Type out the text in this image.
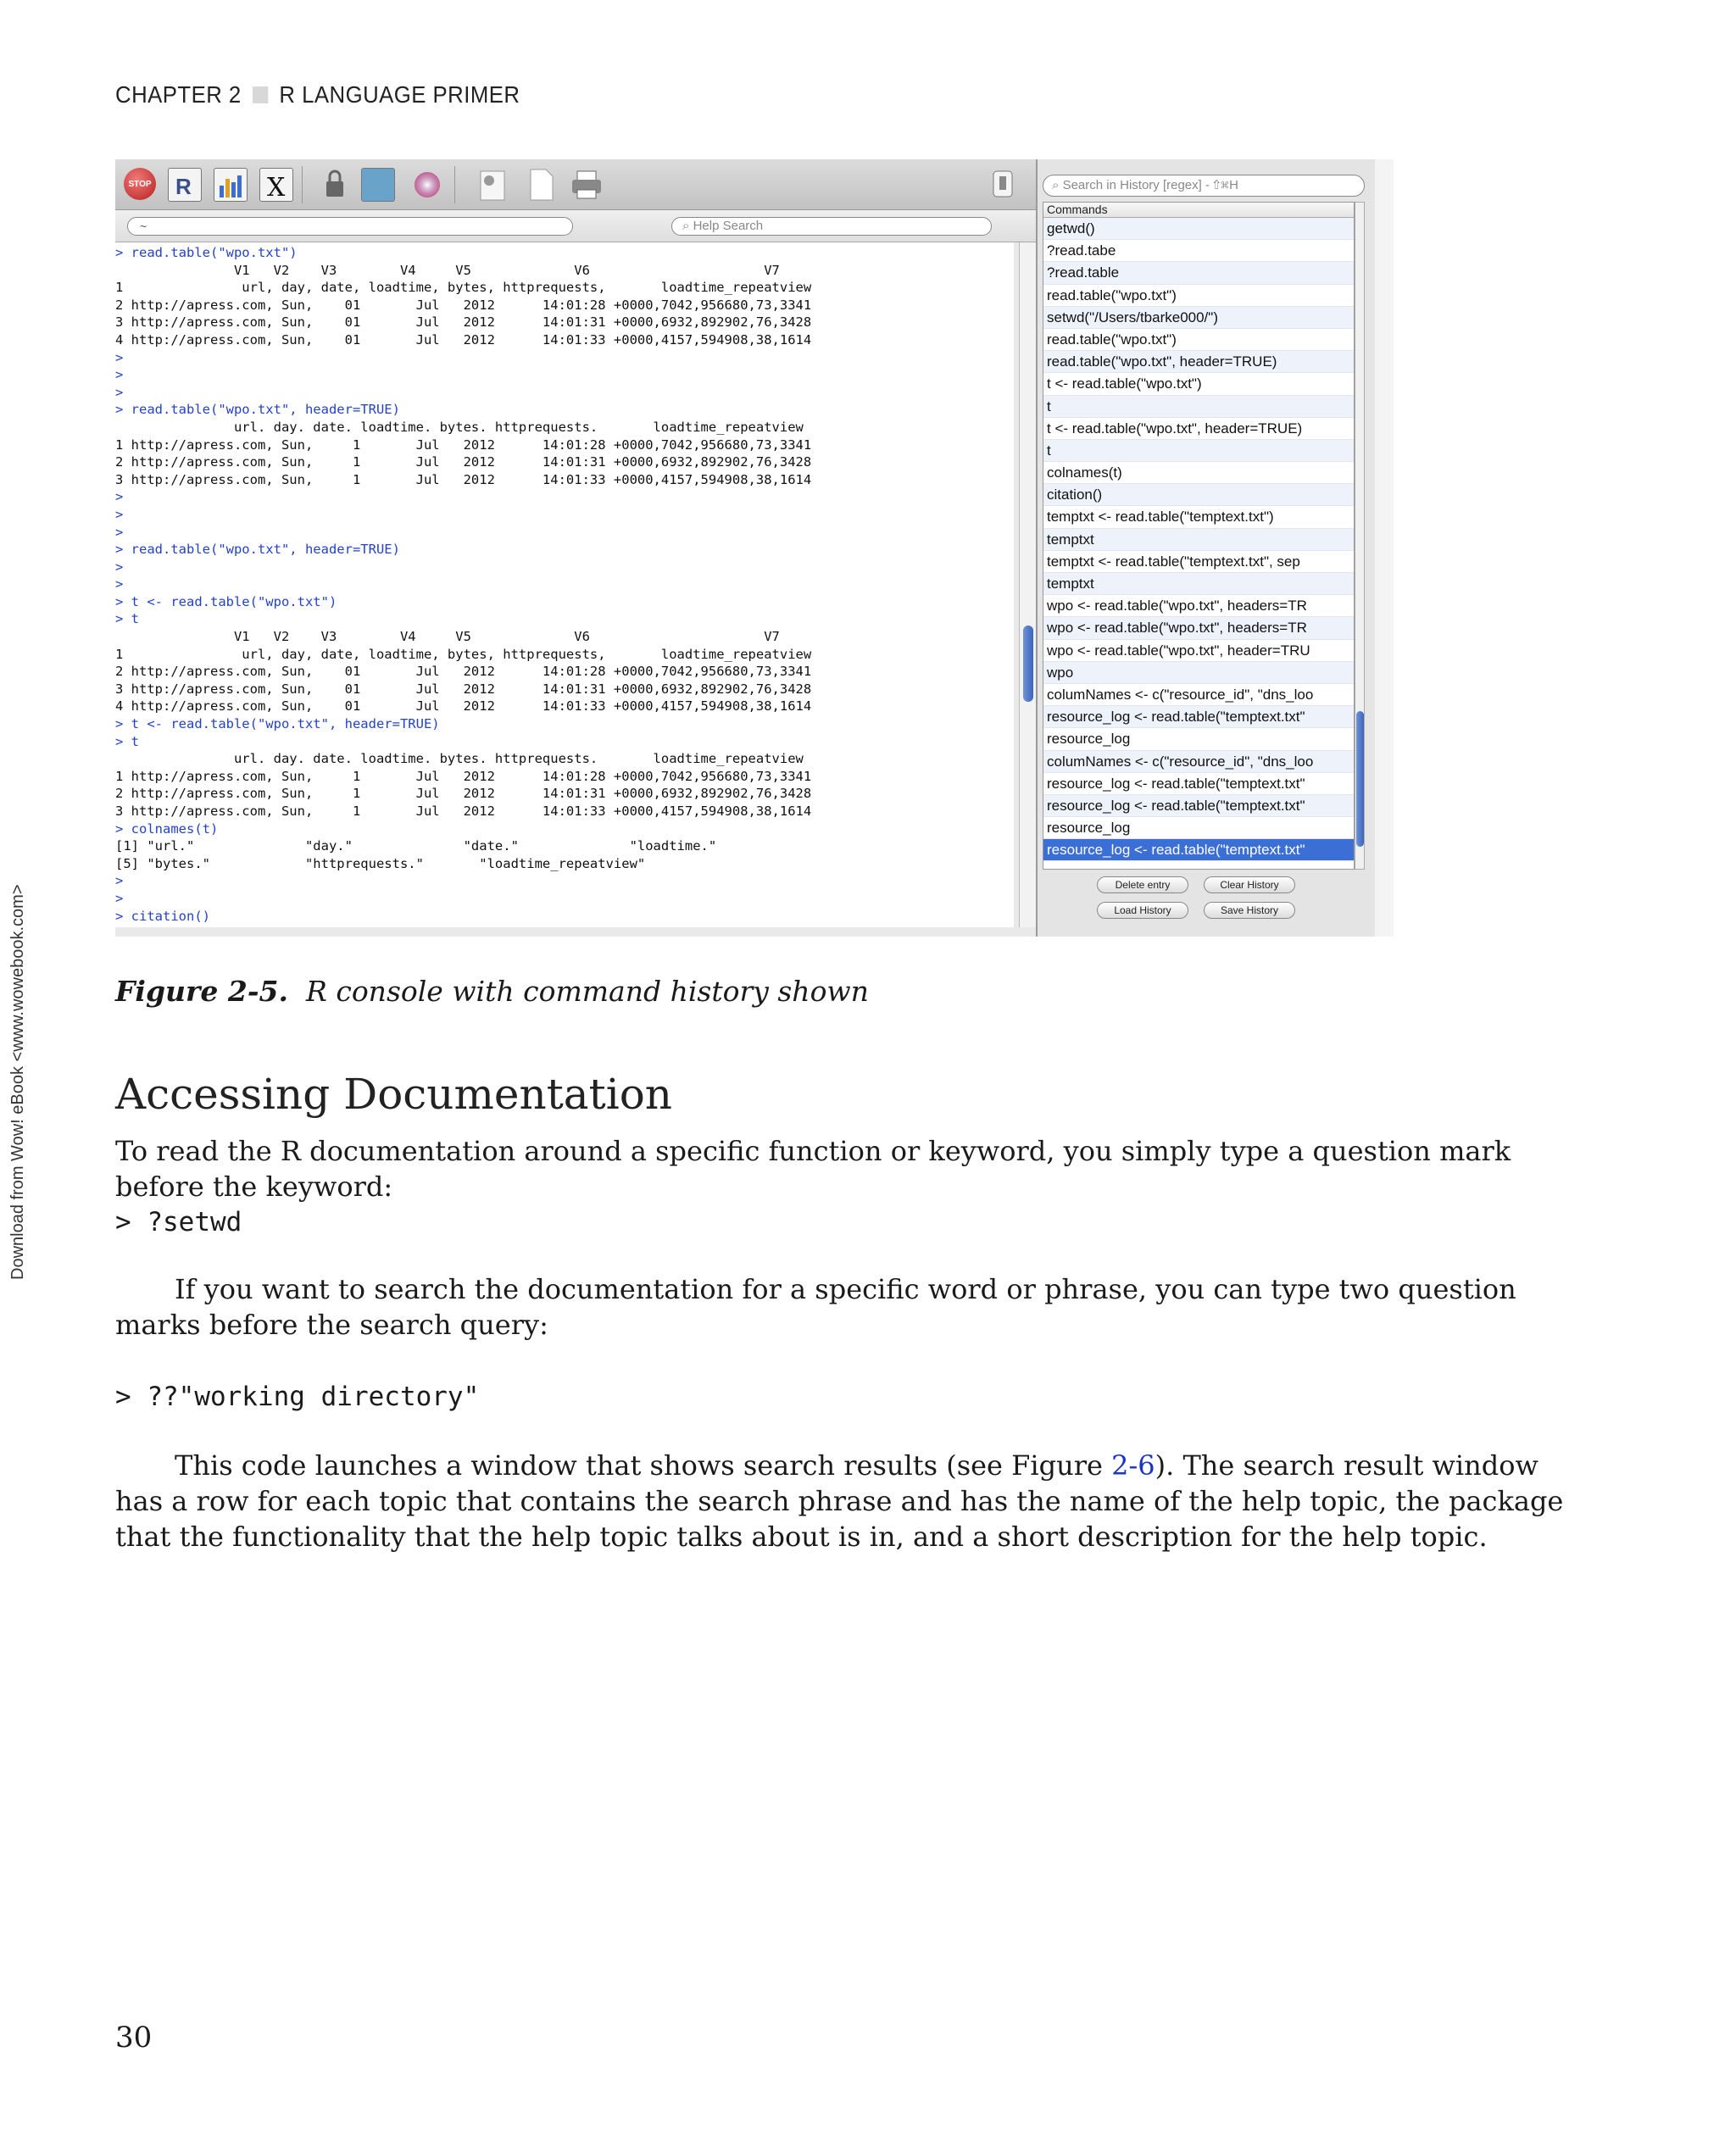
CHAPTER 2 R LANGUAGE PRIMER
Download from Wow! eBook <www.wowebook.com>
STOP R	X
~	⌕ Help Search
> read.table("wpo.txt")
V1   V2    V3        V4     V5             V6                      V7
1               url, day, date, loadtime, bytes, httprequests,       loadtime_repeatview
2 http://apress.com, Sun,    01       Jul   2012      14:01:28 +0000,7042,956680,73,3341
3 http://apress.com, Sun,    01       Jul   2012      14:01:31 +0000,6932,892902,76,3428
4 http://apress.com, Sun,    01       Jul   2012      14:01:33 +0000,4157,594908,38,1614
>
>
>
> read.table("wpo.txt", header=TRUE)
url. day. date. loadtime. bytes. httprequests.       loadtime_repeatview
1 http://apress.com, Sun,     1       Jul   2012      14:01:28 +0000,7042,956680,73,3341
2 http://apress.com, Sun,     1       Jul   2012      14:01:31 +0000,6932,892902,76,3428
3 http://apress.com, Sun,     1       Jul   2012      14:01:33 +0000,4157,594908,38,1614
>
>
>
> read.table("wpo.txt", header=TRUE)
>
>
> t <- read.table("wpo.txt")
> t
V1   V2    V3        V4     V5             V6                      V7
1               url, day, date, loadtime, bytes, httprequests,       loadtime_repeatview
2 http://apress.com, Sun,    01       Jul   2012      14:01:28 +0000,7042,956680,73,3341
3 http://apress.com, Sun,    01       Jul   2012      14:01:31 +0000,6932,892902,76,3428
4 http://apress.com, Sun,    01       Jul   2012      14:01:33 +0000,4157,594908,38,1614
> t <- read.table("wpo.txt", header=TRUE)
> t
url. day. date. loadtime. bytes. httprequests.       loadtime_repeatview
1 http://apress.com, Sun,     1       Jul   2012      14:01:28 +0000,7042,956680,73,3341
2 http://apress.com, Sun,     1       Jul   2012      14:01:31 +0000,6932,892902,76,3428
3 http://apress.com, Sun,     1       Jul   2012      14:01:33 +0000,4157,594908,38,1614
> colnames(t)
[1] "url."              "day."              "date."              "loadtime."
[5] "bytes."            "httprequests."       "loadtime_repeatview"
>
>
> citation()

⌕ Search in History [regex] - ⇧⌘H
Commands
getwd()
?read.tabe
?read.table
read.table("wpo.txt")
setwd("/Users/tbarke000/")
read.table("wpo.txt")
read.table("wpo.txt", header=TRUE)
t <- read.table("wpo.txt")
t
t <- read.table("wpo.txt", header=TRUE)
t
colnames(t)
citation()
temptxt <- read.table("temptext.txt")
temptxt
temptxt <- read.table("temptext.txt", sep
temptxt
wpo <- read.table("wpo.txt", headers=TR
wpo <- read.table("wpo.txt", headers=TR
wpo <- read.table("wpo.txt", header=TRU
wpo
columNames <- c("resource_id", "dns_loo
resource_log <- read.table("temptext.txt"
resource_log
columNames <- c("resource_id", "dns_loo
resource_log <- read.table("temptext.txt"
resource_log <- read.table("temptext.txt"
resource_log
resource_log <- read.table("temptext.txt"
Delete entry	Clear History
Load History	Save History
Figure 2-5. R console with command history shown
Accessing Documentation
To read the R documentation around a specific function or keyword, you simply type a question mark before the keyword:
> ?setwd
If you want to search the documentation for a specific word or phrase, you can type two question marks before the search query:
> ??"working directory"
This code launches a window that shows search results (see Figure 2-6). The search result window has a row for each topic that contains the search phrase and has the name of the help topic, the package that the functionality that the help topic talks about is in, and a short description for the help topic.
30
